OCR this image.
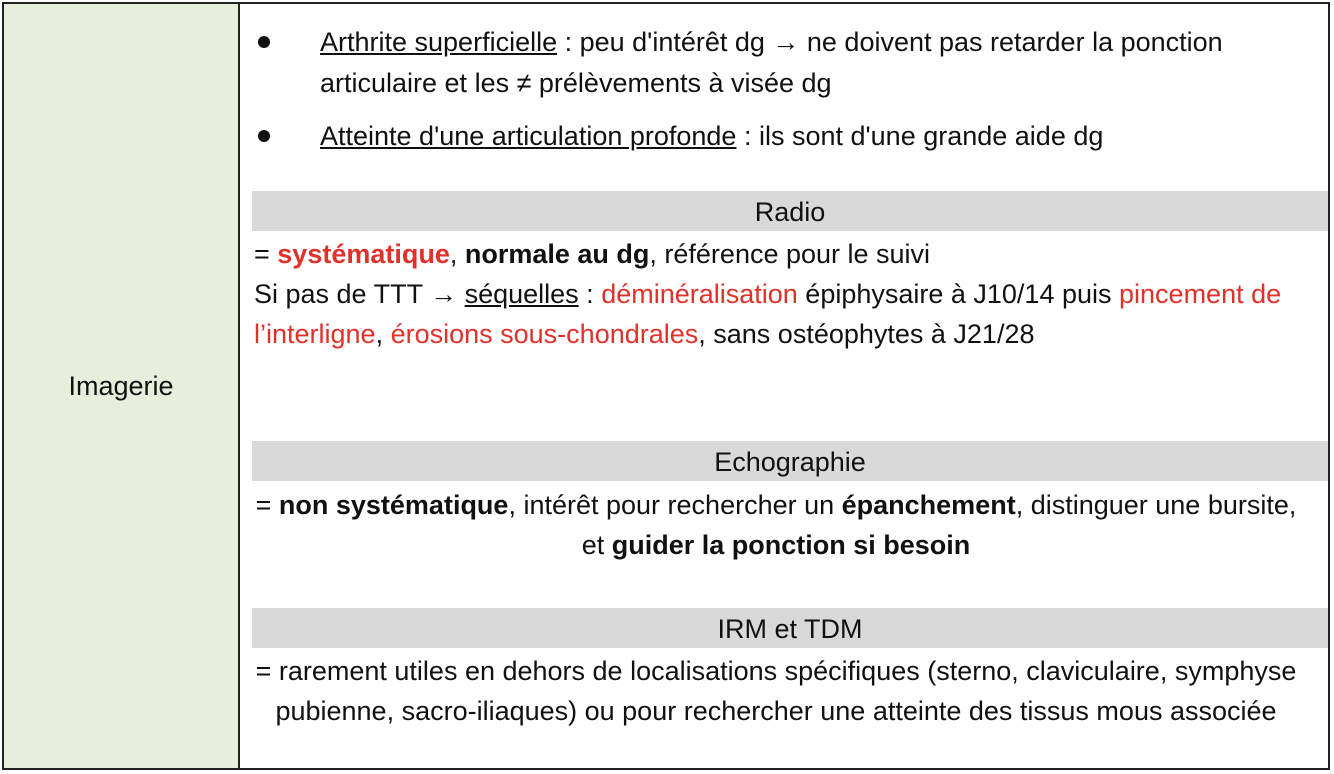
Imagerie
Arthrite superficielle : peu d'intérêt dg → ne doivent pas retarder la ponction articulaire et les ≠ prélèvements à visée dg
Atteinte d'une articulation profonde : ils sont d'une grande aide dg
Radio
= systématique, normale au dg, référence pour le suivi
Si pas de TTT → séquelles : déminéralisation épiphysaire à J10/14 puis pincement de l’interligne, érosions sous-chondrales, sans ostéophytes à J21/28
Echographie
= non systématique, intérêt pour rechercher un épanchement, distinguer une bursite, et guider la ponction si besoin
IRM et TDM
= rarement utiles en dehors de localisations spécifiques (sterno, claviculaire, symphyse pubienne, sacro-iliaques) ou pour rechercher une atteinte des tissus mous associée
